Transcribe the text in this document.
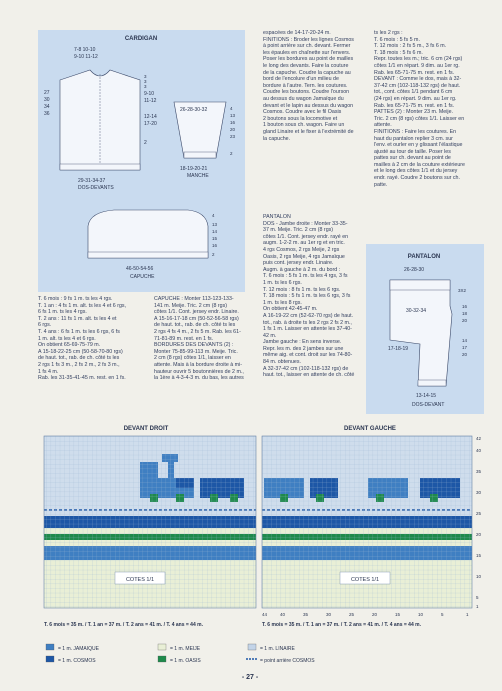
CARDIGAN
7-8 10-10
9-10 11-12
27
30
34
36
3
3
3
9-10
11-12
12-14
17-20
2
29-31-34-37
DOS-DEVANTS
26-28-30-32	4
13
16
20
23
2
18-19-20-21
MANCHE
4
13
14
15
16
2
46-50-54-56
CAPUCHE
T. 6 mois : 9 fs 1 m. ts les 4 rgs.
T. 1 an : 4 fs 1 m. alt. ts les 4 et 6 rgs,
6 fs 1 m. ts les 4 rgs.
T. 2 ans : 11 fs 1 m. alt. ts les 4 et
6 rgs.
T. 4 ans : 6 fs 1 m. ts les 6 rgs, 6 fs
1 m. alt. ts les 4 et 6 rgs.
On obtient 65-69-75-79 m.
A 15-18-22-25 cm (50-58-70-80 rgs)
de haut. tot., rab. de ch. côté ts les
2 rgs 1 fs 3 m., 2 fs 2 m., 2 fs 3 m.,
1 fs 4 m.
Rab. les 31-35-41-45 m. rest. en 1 fs.
CAPUCHE : Monter 113-123-133-
141 m. Meije. Tric. 2 cm (8 rgs)
côtes 1/1. Cont. jersey endr. Linaire.
A 15-16-17-18 cm (50-52-56-58 rgs)
de haut. tot., rab. de ch. côté ts les
2 rgs 4 fs 4 m., 2 fs 5 m. Rab. les 61-
71-81-89 m. rest. en 1 fs.
BORDURES DES DEVANTS (2) :
Monter 75-85-99-113 m. Meije. Tric.
2 cm (8 rgs) côtes 1/1, laisser en
attente. Mais à la bordure droite à mi-
hauteur ouvrir 5 boutonnières de 2 m.,
la 1ère à 4-3-4-3 m. du bas, les autres
espacées de 14-17-20-24 m.
FINITIONS : Broder les lignes Cosmos
à point arrière sur ch. devant. Fermer
les épaules en chaînette sur l'envers.
Poser les bordures au point de mailles
le long des devants. Faire la couture
de la capuche. Coudre la capuche au
bord de l'encolure d'un milieu de
bordure à l'autre. Tern. les coutures.
Coudre les boutons. Coudre l'ourson
au dessus du wagon Jamaïque du
devant et le lapin au dessus du wagon
Cosmos. Coudre avec le fil Oasis
2 boutons sous la locomotive et
1 bouton sous ch. wagon. Faire un
gland Linaire et le fixer à l'extrémité de
la capuche.
PANTALON
DOS - Jambe droite : Monter 33-35-
37 m. Meije. Tric. 2 cm (8 rgs)
côtes 1/1. Cont. jersey endr. rayé en
augm. 1-2-2 m. au 1er rg et en tric.
4 rgs Cosmos, 2 rgs Meije, 2 rgs
Oasis, 2 rgs Meije, 4 rgs Jamaïque
puis cont. jersey endr. Linaire.
Augm. à gauche à 2 m. du bord :
T. 6 mois : 5 fs 1 m. ts les 4 rgs, 3 fs
1 m. ts les 6 rgs.
T. 12 mois : 8 fs 1 m. ts les 6 rgs.
T. 18 mois : 5 fs 1 m. ts les 6 rgs, 3 fs
1 m. ts les 8 rgs.
On obtient 42-45-47 m.
A 16-19-22 cm (52-62-70 rgs) de haut.
tot., rab. à droite ts les 2 rgs 2 fs 2 m.,
1 fs 1 m. Laisser en attente les 37-40-
42 m.
Jambe gauche : En sens inverse.
Repr. les m. des 2 jambes sur une
même aig. et cont. droit sur les 74-80-
84 m. obtenues.
A 32-37-42 cm (102-118-132 rgs) de
haut. tot., laisser en attente de ch. côté
ts les 2 rgs :
T. 6 mois : 5 fs 5 m.
T. 12 mois : 2 fs 5 m., 3 fs 6 m.
T. 18 mois : 5 fs 6 m.
Repr. toutes les m.; tric. 6 cm (24 rgs)
côtes 1/1 en répart. 9 dim. au 1er rg.
Rab. les 65-71-75 m. rest. en 1 fs.
DEVANT : Comme le dos, mais à 32-
37-42 cm (102-118-132 rgs) de haut.
tot., cont. côtes 1/1 pendant 6 cm
(24 rgs) en répart. 9 dim. au 1er rg.
Rab. les 65-71-75 m. rest. en 1 fs.
PATTES (2) : Monter 23 m. Meije.
Tric. 2 cm (8 rgs) côtes 1/1. Laisser en
attente.
FINITIONS : Faire les coutures. En
haut du pantalon replier 3 cm. sur
l'env. et ourler en y glissant l'élastique
ajusté au tour de taille. Poser les
pattes sur ch. devant au point de
mailles à 2 cm de la couture extérieure
et le long des côtes 1/1 et du jersey
endr. rayé. Coudre 2 boutons sur ch.
patte.
PANTALON
26-28-30
3X2
16
18
20
14
17
20
30-32-34
17-18-19
13-14-15
DOS-DEVANT
DEVANT DROIT	DEVANT GAUCHE
COTES 1/1	COTES 1/1
42
40
35
30
25
20
15
10
5
1
44	40	35	30	25	20	15	10	5	1
T. 6 mois = 35 m. / T. 1 an = 37 m. / T. 2 ans = 41 m. / T. 4 ans = 44 m.	T. 6 mois = 35 m. / T. 1 an = 37 m. / T. 2 ans = 41 m. / T. 4 ans = 44 m.
= 1 m. JAMAIQUE	= 1 m. MEIJE	= 1 m. LINAIRE
= 1 m. COSMOS	= 1 m. OASIS	= point arrière COSMOS
- 27 -
